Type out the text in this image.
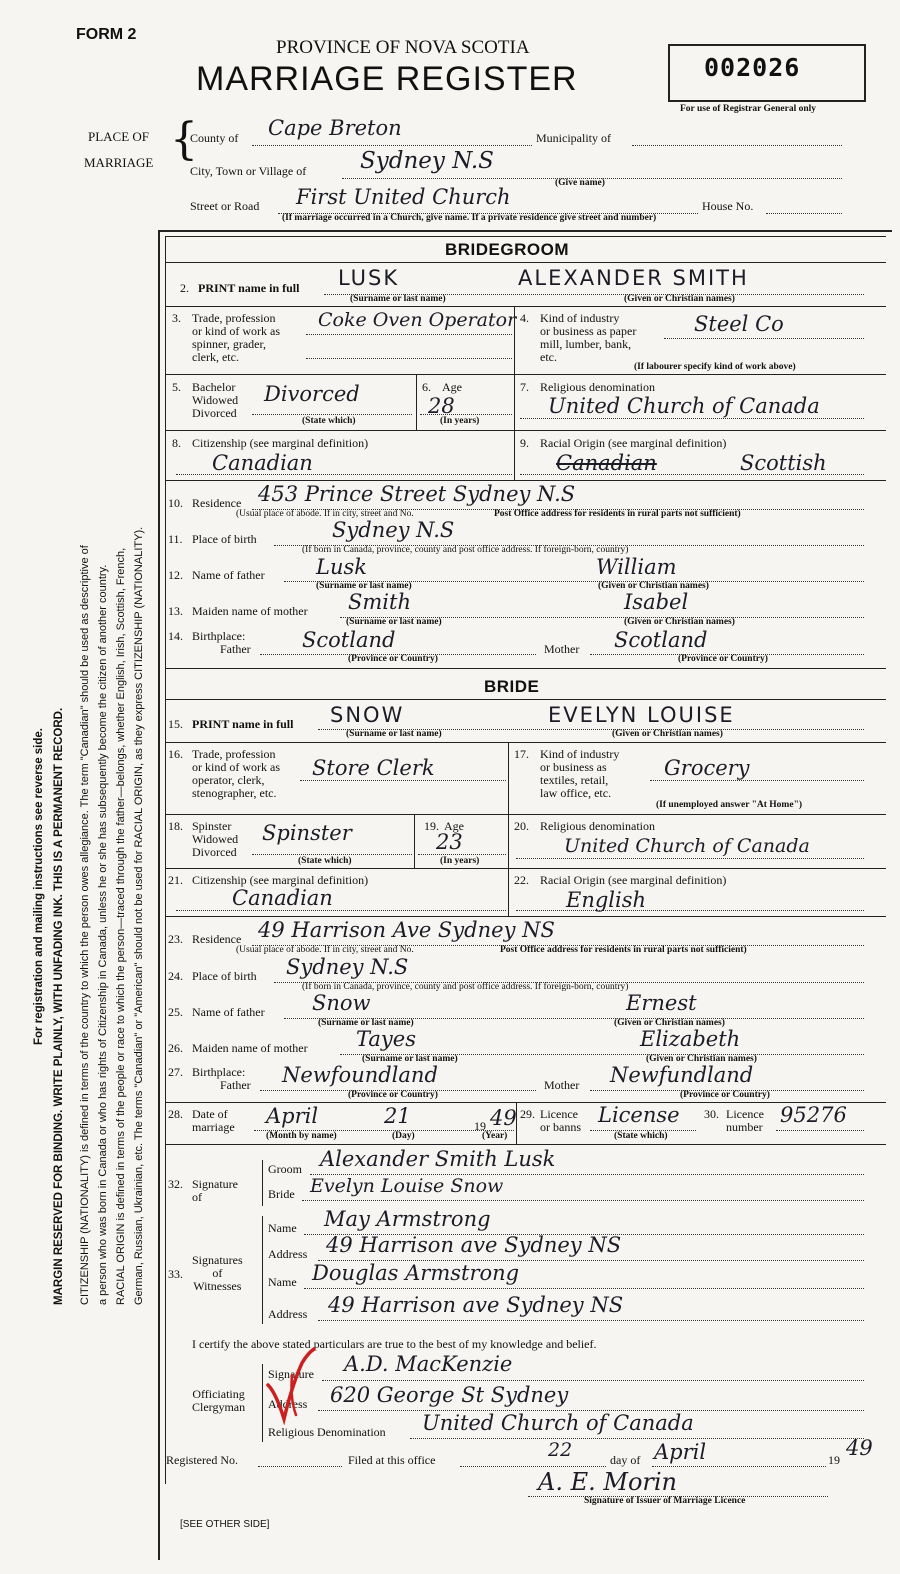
FORM 2
PROVINCE OF NOVA SCOTIA
MARRIAGE REGISTER	002026
For use of Registrar General only
PLACE OF
MARRIAGE {
County of Cape Breton	Municipality of
City, Town or Village of Sydney N.S
(Give name)
Street or Road First United Church	House No.
(If marriage occurred in a Church, give name. If a private residence give street and number)
For registration and mailing instructions see reverse side. MARGIN RESERVED FOR BINDING. WRITE PLAINLY, WITH UNFADING INK. THIS IS A PERMANENT RECORD. CITIZENSHIP (NATIONALITY) is defined in terms of the country to which the person owes allegiance. The term "Canadian" should be used as descriptive of a person who was born in Canada or who has rights of Citizenship in Canada, unless he or she has subsequently become the citizen of another country. RACIAL ORIGIN is defined in terms of the people or race to which the person—traced through the father—belongs, whether English, Irish, Scottish, French, German, Russian, Ukrainian, etc. The terms "Canadian" or "American" should not be used for RACIAL ORIGIN, as they express CITIZENSHIP (NATIONALITY).
BRIDEGROOM
2. PRINT name in full LUSK	ALEXANDER SMITH
(Surname or last name)	(Given or Christian names)
3. Trade, profession
or kind of work as
spinner, grader,
clerk, etc.
Coke Oven Operator 4. Kind of industry
or business as paper
mill, lumber, bank,
etc.
Steel Co
(If labourer specify kind of work above)
5. Bachelor
Widowed
Divorced
Divorced
(State which)
6. Age
28
(In years)
7. Religious denomination
United Church of Canada
8. Citizenship (see marginal definition)
Canadian
9. Racial Origin (see marginal definition)
Canadian	Scottish
10. Residence 453 Prince Street Sydney N.S
(Usual place of abode. If in city, street and No.	Post Office address for residents in rural parts not sufficient)
11. Place of birth	Sydney N.S
(If born in Canada, province, county and post office address. If foreign-born, country)
12. Name of father Lusk	William
(Surname or last name)	(Given or Christian names)
13. Maiden name of mother Smith	Isabel
(Surname or last name)	(Given or Christian names)
14. Birthplace:
Father Scotland
(Province or Country)
Mother Scotland
(Province or Country)
BRIDE
15. PRINT name in full SNOW	EVELYN LOUISE
(Surname or last name)	(Given or Christian names)
16. Trade, profession
or kind of work as
operator, clerk,
stenographer, etc.
Store Clerk
17. Kind of industry
or business as
textiles, retail,
law office, etc.
Grocery
(If unemployed answer "At Home")
18. Spinster
Widowed
Divorced
Spinster
(State which)
19. Age
23
(In years)
20. Religious denomination
United Church of Canada
21. Citizenship (see marginal definition)
Canadian
22. Racial Origin (see marginal definition)
English
23. Residence 49 Harrison Ave Sydney NS
(Usual place of abode. If in city, street and No.	Post Office address for residents in rural parts not sufficient)
24. Place of birth Sydney N.S
(If born in Canada, province, county and post office address. If foreign-born, country)
25. Name of father Snow	Ernest
(Surname or last name)	(Given or Christian names)
26. Maiden name of mother Tayes	Elizabeth
(Surname or last name)	(Given or Christian names)
27. Birthplace:
Father Newfoundland
(Province or Country)
Mother Newfundland
(Province or Country)
28. Date of
marriage April	21	19 49
(Month by name)	(Day)	(Year)
29. Licence
or banns License
(State which)
30. Licence
number 95276
32. Signature
of
Groom Alexander Smith Lusk
Bride Evelyn Louise Snow
33.
Signatures
of
Witnesses
Name May Armstrong
Address 49 Harrison ave Sydney NS
Name Douglas Armstrong
Address 49 Harrison ave Sydney NS
I certify the above stated particulars are true to the best of my knowledge and belief.
Officiating
Clergyman
Signature A.D. MacKenzie
Address 620 George St Sydney
Religious Denomination United Church of Canada
Registered No.	Filed at this office	22	day of April	19 49
A. E. Morin
Signature of Issuer of Marriage Licence
[SEE OTHER SIDE]
